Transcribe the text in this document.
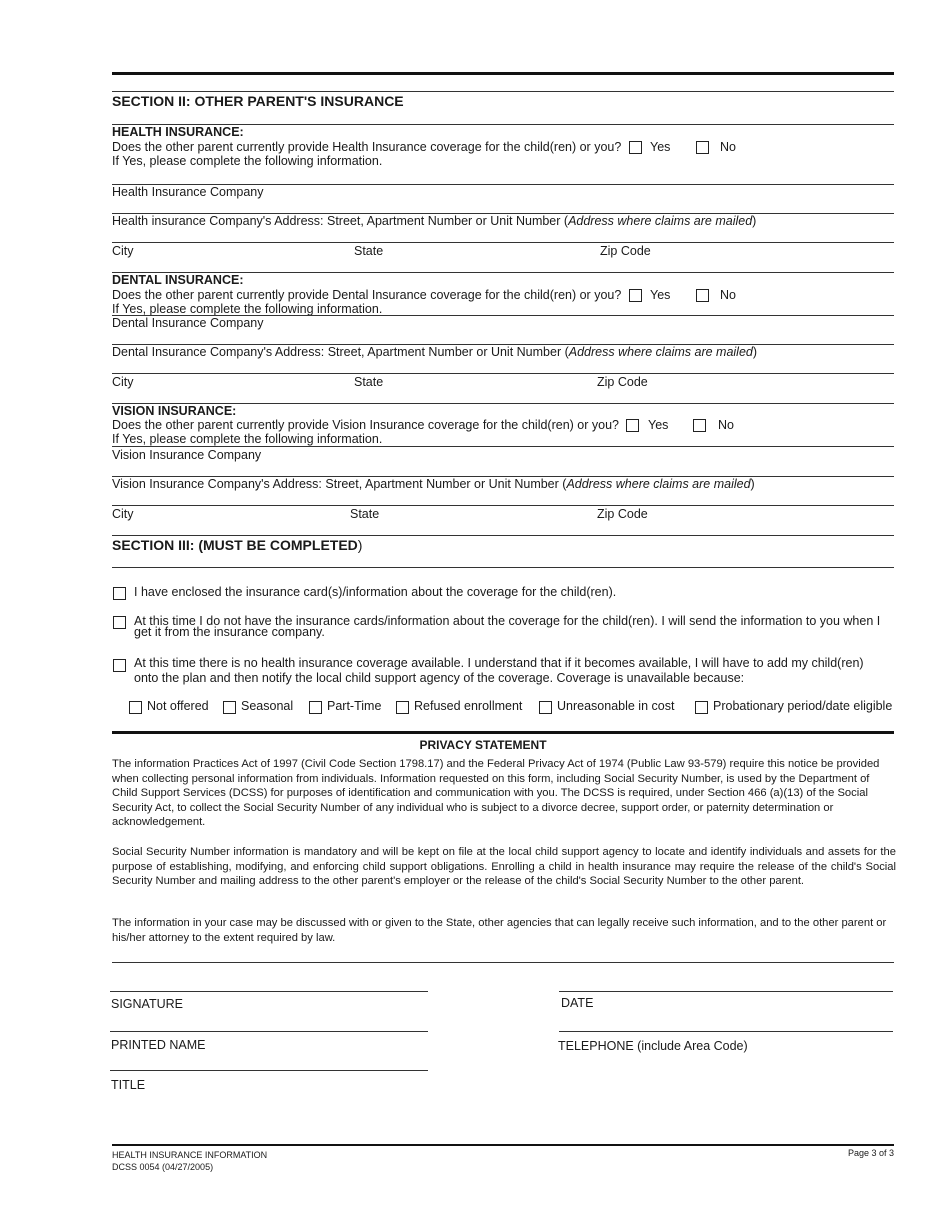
SECTION II: OTHER PARENT'S INSURANCE
HEALTH INSURANCE:
Does the other parent currently provide Health Insurance coverage for the child(ren) or you? Yes	No
If Yes, please complete the following information.
Health Insurance Company
Health insurance Company's Address: Street, Apartment Number or Unit Number (Address where claims are mailed)
City	State	Zip Code
DENTAL INSURANCE:
Does the other parent currently provide Dental Insurance coverage for the child(ren) or you? Yes	No
If Yes, please complete the following information.
Dental Insurance Company
Dental Insurance Company's Address: Street, Apartment Number or Unit Number (Address where claims are mailed)
City	State	Zip Code
VISION INSURANCE:
Does the other parent currently provide Vision Insurance coverage for the child(ren) or you? Yes	No
If Yes, please complete the following information.
Vision Insurance Company
Vision Insurance Company's Address: Street, Apartment Number or Unit Number (Address where claims are mailed)
City	State	Zip Code
SECTION III: (MUST BE COMPLETED)
I have enclosed the insurance card(s)/information about the coverage for the child(ren).
At this time I do not have the insurance cards/information about the coverage for the child(ren). I will send the information to you when I
get it from the insurance company.
At this time there is no health insurance coverage available. I understand that if it becomes available, I will have to add my child(ren)
onto the plan and then notify the local child support agency of the coverage. Coverage is unavailable because:
Not offered	Seasonal	Part-Time	Refused enrollment	Unreasonable in cost	Probationary period/date eligible
PRIVACY STATEMENT
The information Practices Act of 1997 (Civil Code Section 1798.17) and the Federal Privacy Act of 1974 (Public Law 93-579) require this notice be provided when collecting personal information from individuals. Information requested on this form, including Social Security Number, is used by the Department of Child Support Services (DCSS) for purposes of identification and communication with you. The DCSS is required, under Section 466 (a)(13) of the Social Security Act, to collect the Social Security Number of any individual who is subject to a divorce decree, support order, or paternity determination or acknowledgement.
Social Security Number information is mandatory and will be kept on file at the local child support agency to locate and identify individuals and assets for the purpose of establishing, modifying, and enforcing child support obligations. Enrolling a child in health insurance may require the release of the child's Social Security Number and mailing address to the other parent's employer or the release of the child's Social Security Number to the other parent.
The information in your case may be discussed with or given to the State, other agencies that can legally receive such information, and to the other parent or his/her attorney to the extent required by law.
SIGNATURE	DATE
PRINTED NAME	TELEPHONE (include Area Code)
TITLE
HEALTH INSURANCE INFORMATION
DCSS 0054 (04/27/2005)
Page 3 of 3
